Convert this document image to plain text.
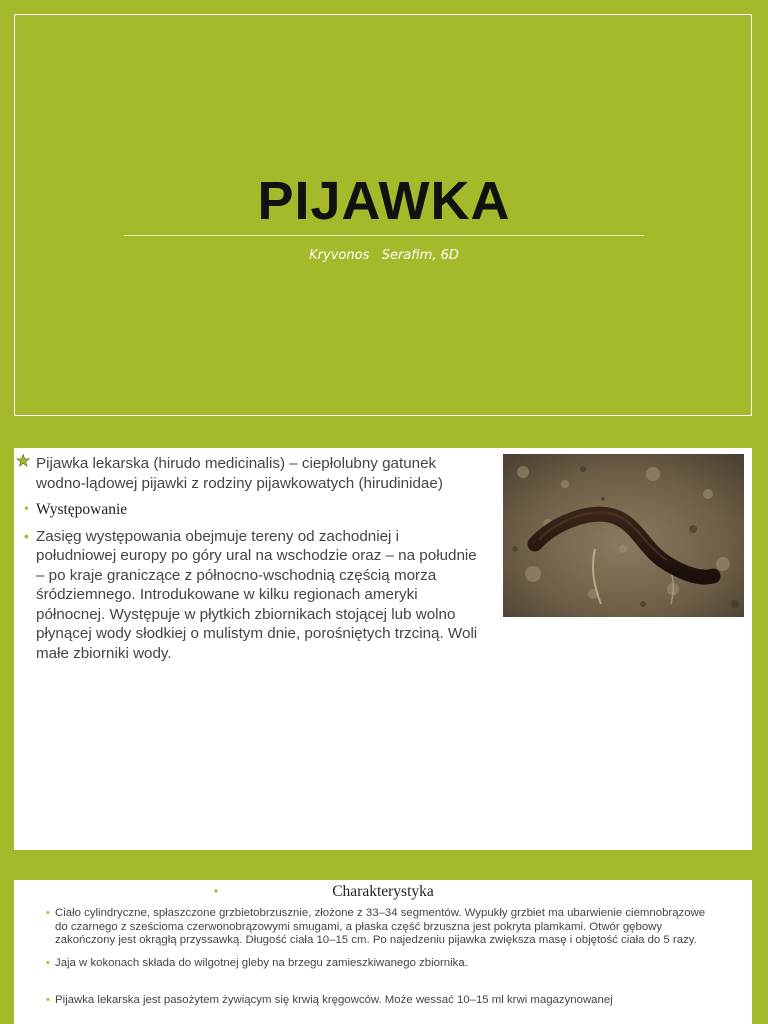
PIJAWKA
Kryvonos   Serafim, 6D
★ Pijawka lekarska (hirudo medicinalis) – ciepłolubny gatunek wodno-lądowej pijawki z rodziny pijawkowatych (hirudinidae)
• Występowanie
• Zasięg występowania obejmuje tereny od zachodniej i południowej europy po góry ural na wschodzie oraz – na południe – po kraje graniczące z północno-wschodnią częścią morza śródziemnego. Introdukowane w kilku regionach ameryki północnej. Występuje w płytkich zbiornikach stojącej lub wolno płynącej wody słodkiej o mulistym dnie, porośniętych trzciną. Woli małe zbiorniki wody.
•	Charakterystyka
• Ciało cylindryczne, spłaszczone grzbietobrzusznie, złożone z 33–34 segmentów. Wypukły grzbiet ma ubarwienie ciemnobrązowe do czarnego z sześcioma czerwonobrązowymi smugami, a płaska część brzuszna jest pokryta plamkami. Otwór gębowy zakończony jest okrągłą przyssawką. Długość ciała 10–15 cm. Po najedzeniu pijawka zwiększa masę i objętość ciała do 5 razy.
• Jaja w kokonach składa do wilgotnej gleby na brzegu zamieszkiwanego zbiornika.
• Pijawka lekarska jest pasożytem żywiącym się krwią kręgowców. Może wessać 10–15 ml krwi magazynowanej
